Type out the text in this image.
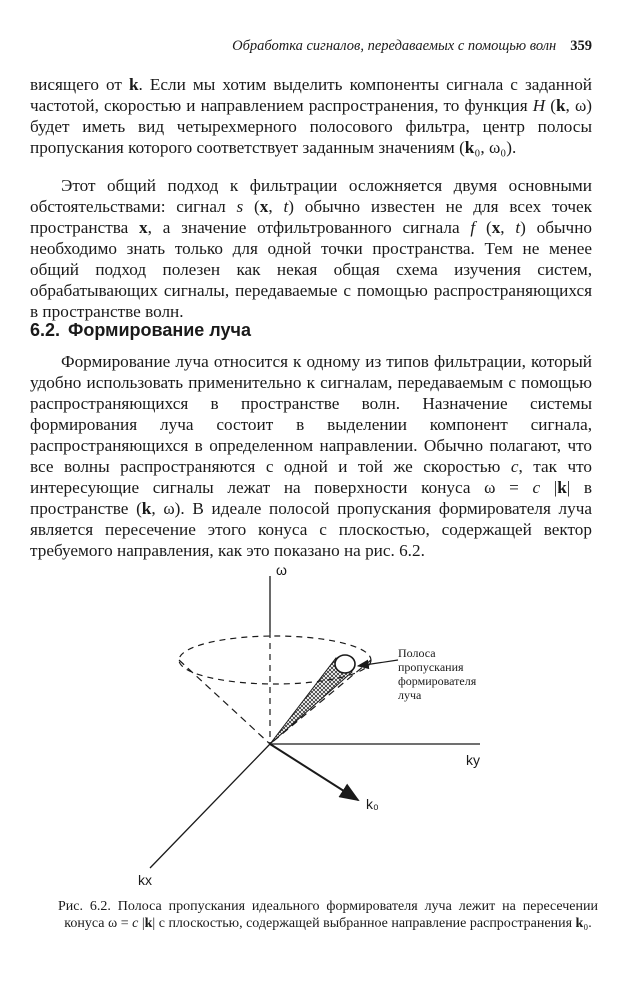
Обработка сигналов, передаваемых с помощью волн 359

висящего от k. Если мы хотим выделить компоненты сигнала с заданной частотой, скоростью и направлением распространения, то функция H (k, ω) будет иметь вид четырехмерного полосового фильтра, центр полосы пропускания которого соответствует заданным значениям (k₀, ω₀).

Этот общий подход к фильтрации осложняется двумя основными обстоятельствами: сигнал s (x, t) обычно известен не для всех точек пространства x, а значение отфильтрованного сигнала f (x, t) обычно необходимо знать только для одной точки пространства. Тем не менее общий подход полезен как некая общая схема изучения систем, обрабатывающих сигналы, передаваемые с помощью распространяющихся в пространстве волн.

6.2. Формирование луча

Формирование луча относится к одному из типов фильтрации, который удобно использовать применительно к сигналам, передаваемым с помощью распространяющихся в пространстве волн. Назначение системы формирования луча состоит в выделении компонент сигнала, распространяющихся в определенном направлении. Обычно полагают, что все волны распространяются с одной и той же скоростью c, так что интересующие сигналы лежат на поверхности конуса ω = c |k| в пространстве (k, ω). В идеале полосой пропускания формирователя луча является пересечение этого конуса с плоскостью, содержащей вектор требуемого направления, как это показано на рис. 6.2.

ω
ky
kx
k₀
Полоса
пропускания
формирователя
луча
Рис. 6.2. Полоса пропускания идеального формирователя луча лежит на пересечении конуса ω = c |k| с плоскостью, содержащей выбранное направление распространения k₀.
